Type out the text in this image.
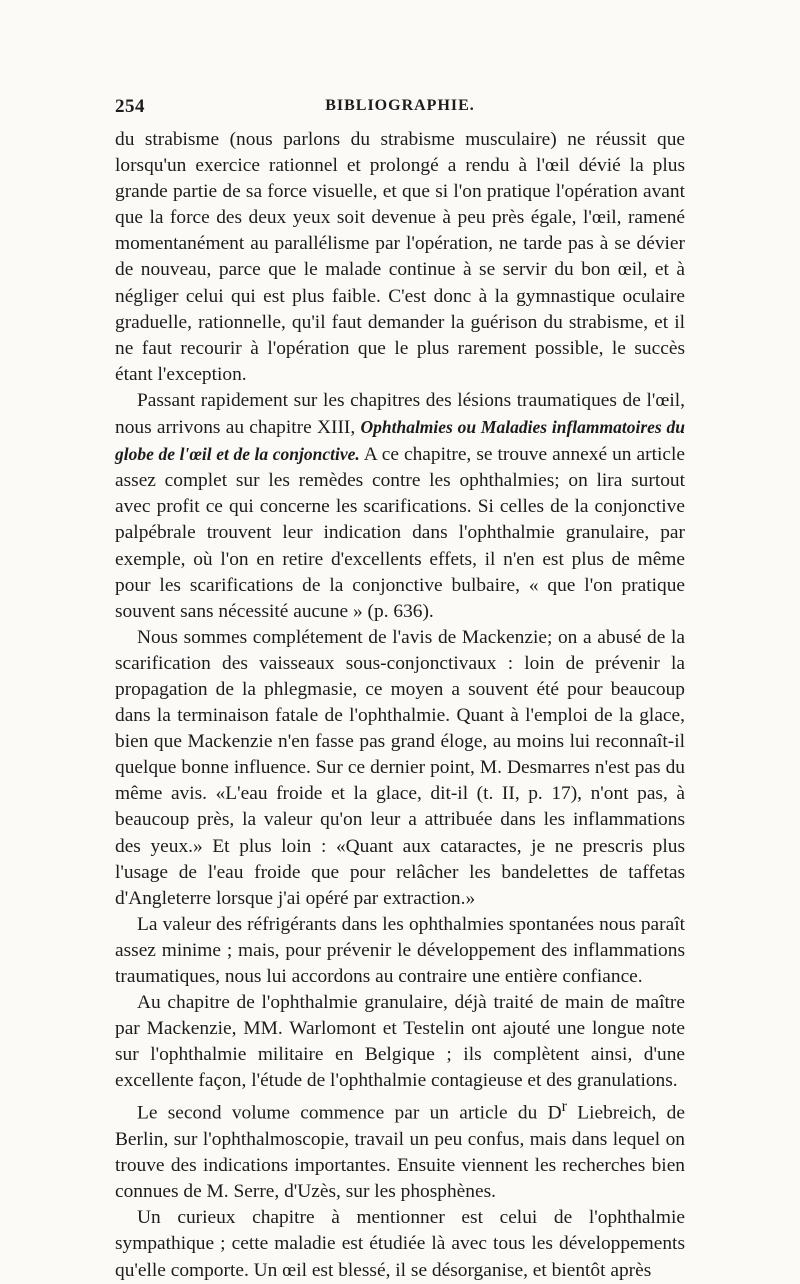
254	BIBLIOGRAPHIE.

du strabisme (nous parlons du strabisme musculaire) ne réussit que lorsqu'un exercice rationnel et prolongé a rendu à l'œil dévié la plus grande partie de sa force visuelle, et que si l'on pratique l'opération avant que la force des deux yeux soit devenue à peu près égale, l'œil, ramené momentanément au parallélisme par l'opération, ne tarde pas à se dévier de nouveau, parce que le malade continue à se servir du bon œil, et à négliger celui qui est plus faible. C'est donc à la gymnastique oculaire graduelle, rationnelle, qu'il faut demander la guérison du strabisme, et il ne faut recourir à l'opération que le plus rarement possible, le succès étant l'exception.

Passant rapidement sur les chapitres des lésions traumatiques de l'œil, nous arrivons au chapitre XIII, Ophthalmies ou Maladies inflammatoires du globe de l'œil et de la conjonctive. A ce chapitre, se trouve annexé un article assez complet sur les remèdes contre les ophthalmies; on lira surtout avec profit ce qui concerne les scarifications. Si celles de la conjonctive palpébrale trouvent leur indication dans l'ophthalmie granulaire, par exemple, où l'on en retire d'excellents effets, il n'en est plus de même pour les scarifications de la conjonctive bulbaire, « que l'on pratique souvent sans nécessité aucune » (p. 636).

Nous sommes complétement de l'avis de Mackenzie; on a abusé de la scarification des vaisseaux sous-conjonctivaux : loin de prévenir la propagation de la phlegmasie, ce moyen a souvent été pour beaucoup dans la terminaison fatale de l'ophthalmie. Quant à l'emploi de la glace, bien que Mackenzie n'en fasse pas grand éloge, au moins lui reconnaît-il quelque bonne influence. Sur ce dernier point, M. Desmarres n'est pas du même avis. «L'eau froide et la glace, dit-il (t. II, p. 17), n'ont pas, à beaucoup près, la valeur qu'on leur a attribuée dans les inflammations des yeux.» Et plus loin : «Quant aux cataractes, je ne prescris plus l'usage de l'eau froide que pour relâcher les bandelettes de taffetas d'Angleterre lorsque j'ai opéré par extraction.»

La valeur des réfrigérants dans les ophthalmies spontanées nous paraît assez minime ; mais, pour prévenir le développement des inflammations traumatiques, nous lui accordons au contraire une entière confiance.

Au chapitre de l'ophthalmie granulaire, déjà traité de main de maître par Mackenzie, MM. Warlomont et Testelin ont ajouté une longue note sur l'ophthalmie militaire en Belgique ; ils complètent ainsi, d'une excellente façon, l'étude de l'ophthalmie contagieuse et des granulations.

Le second volume commence par un article du $D^r$ Liebreich, de Berlin, sur l'ophthalmoscopie, travail un peu confus, mais dans lequel on trouve des indications importantes. Ensuite viennent les recherches bien connues de M. Serre, d'Uzès, sur les phosphènes.

Un curieux chapitre à mentionner est celui de l'ophthalmie sympathique ; cette maladie est étudiée là avec tous les développements qu'elle comporte. Un œil est blessé, il se désorganise, et bientôt après
